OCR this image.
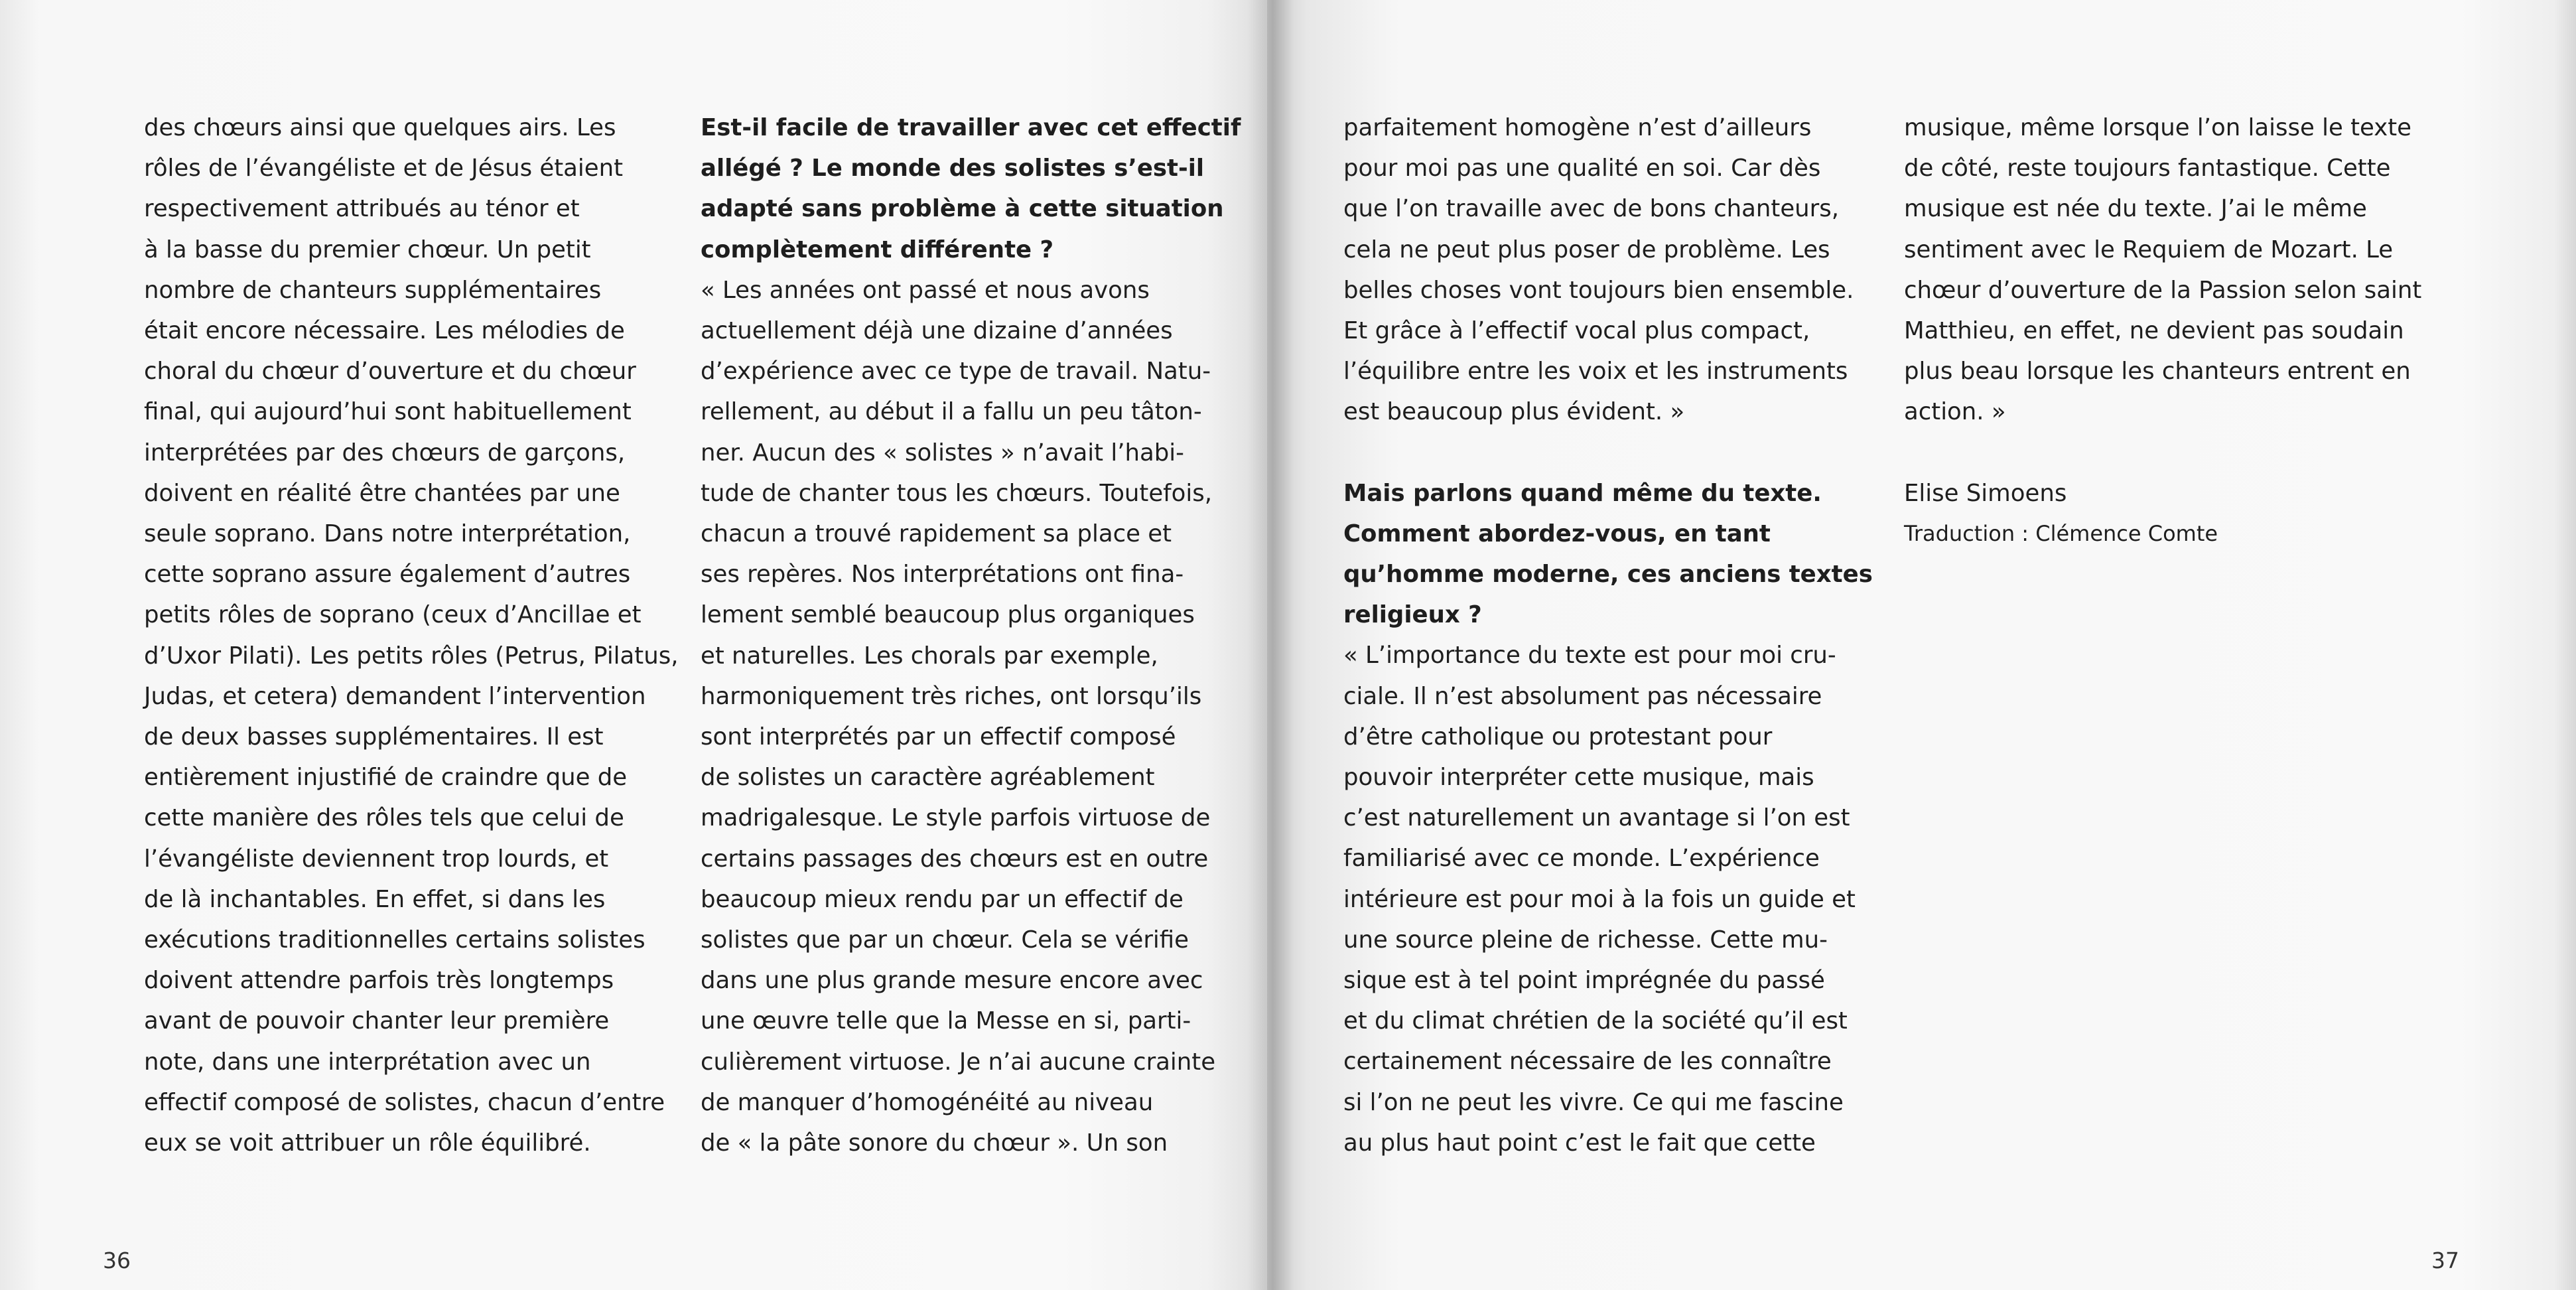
des chœurs ainsi que quelques airs. Les

rôles de l’évangéliste et de Jésus étaient

respectivement attribués au ténor et

à la basse du premier chœur. Un petit

nombre de chanteurs supplémentaires

était encore nécessaire. Les mélodies de

choral du chœur d’ouverture et du chœur

final, qui aujourd’hui sont habituellement

interprétées par des chœurs de garçons,

doivent en réalité être chantées par une

seule soprano. Dans notre interprétation,

cette soprano assure également d’autres

petits rôles de soprano (ceux d’Ancillae et

d’Uxor Pilati). Les petits rôles (Petrus, Pilatus,

Judas, et cetera) demandent l’intervention

de deux basses supplémentaires. Il est

entièrement injustifié de craindre que de

cette manière des rôles tels que celui de

l’évangéliste deviennent trop lourds, et

de là inchantables. En effet, si dans les

exécutions traditionnelles certains solistes

doivent attendre parfois très longtemps

avant de pouvoir chanter leur première

note, dans une interprétation avec un

effectif composé de solistes, chacun d’entre

eux se voit attribuer un rôle équilibré.

Est-il facile de travailler avec cet effectif

allégé ? Le monde des solistes s’est-il

adapté sans problème à cette situation

complètement différente ?

« Les années ont passé et nous avons

actuellement déjà une dizaine d’années

d’expérience avec ce type de travail. Natu-

rellement, au début il a fallu un peu tâton-

ner. Aucun des « solistes » n’avait l’habi-

tude de chanter tous les chœurs. Toutefois,

chacun a trouvé rapidement sa place et

ses repères. Nos interprétations ont fina-

lement semblé beaucoup plus organiques

et naturelles. Les chorals par exemple,

harmoniquement très riches, ont lorsqu’ils

sont interprétés par un effectif composé

de solistes un caractère agréablement

madrigalesque. Le style parfois virtuose de

certains passages des chœurs est en outre

beaucoup mieux rendu par un effectif de

solistes que par un chœur. Cela se vérifie

dans une plus grande mesure encore avec

une œuvre telle que la Messe en si, parti-

culièrement virtuose. Je n’ai aucune crainte

de manquer d’homogénéité au niveau

de « la pâte sonore du chœur ». Un son

36

parfaitement homogène n’est d’ailleurs

pour moi pas une qualité en soi. Car dès

que l’on travaille avec de bons chanteurs,

cela ne peut plus poser de problème. Les

belles choses vont toujours bien ensemble.

Et grâce à l’effectif vocal plus compact,

l’équilibre entre les voix et les instruments

est beaucoup plus évident. »

Mais parlons quand même du texte.

Comment abordez-vous, en tant

qu’homme moderne, ces anciens textes

religieux ?

« L’importance du texte est pour moi cru-

ciale. Il n’est absolument pas nécessaire

d’être catholique ou protestant pour

pouvoir interpréter cette musique, mais

c’est naturellement un avantage si l’on est

familiarisé avec ce monde. L’expérience

intérieure est pour moi à la fois un guide et

une source pleine de richesse. Cette mu-

sique est à tel point imprégnée du passé

et du climat chrétien de la société qu’il est

certainement nécessaire de les connaître

si l’on ne peut les vivre. Ce qui me fascine

au plus haut point c’est le fait que cette

musique, même lorsque l’on laisse le texte

de côté, reste toujours fantastique. Cette

musique est née du texte. J’ai le même

sentiment avec le Requiem de Mozart. Le

chœur d’ouverture de la Passion selon saint

Matthieu, en effet, ne devient pas soudain

plus beau lorsque les chanteurs entrent en

action. »

Elise Simoens

Traduction : Clémence Comte

37
